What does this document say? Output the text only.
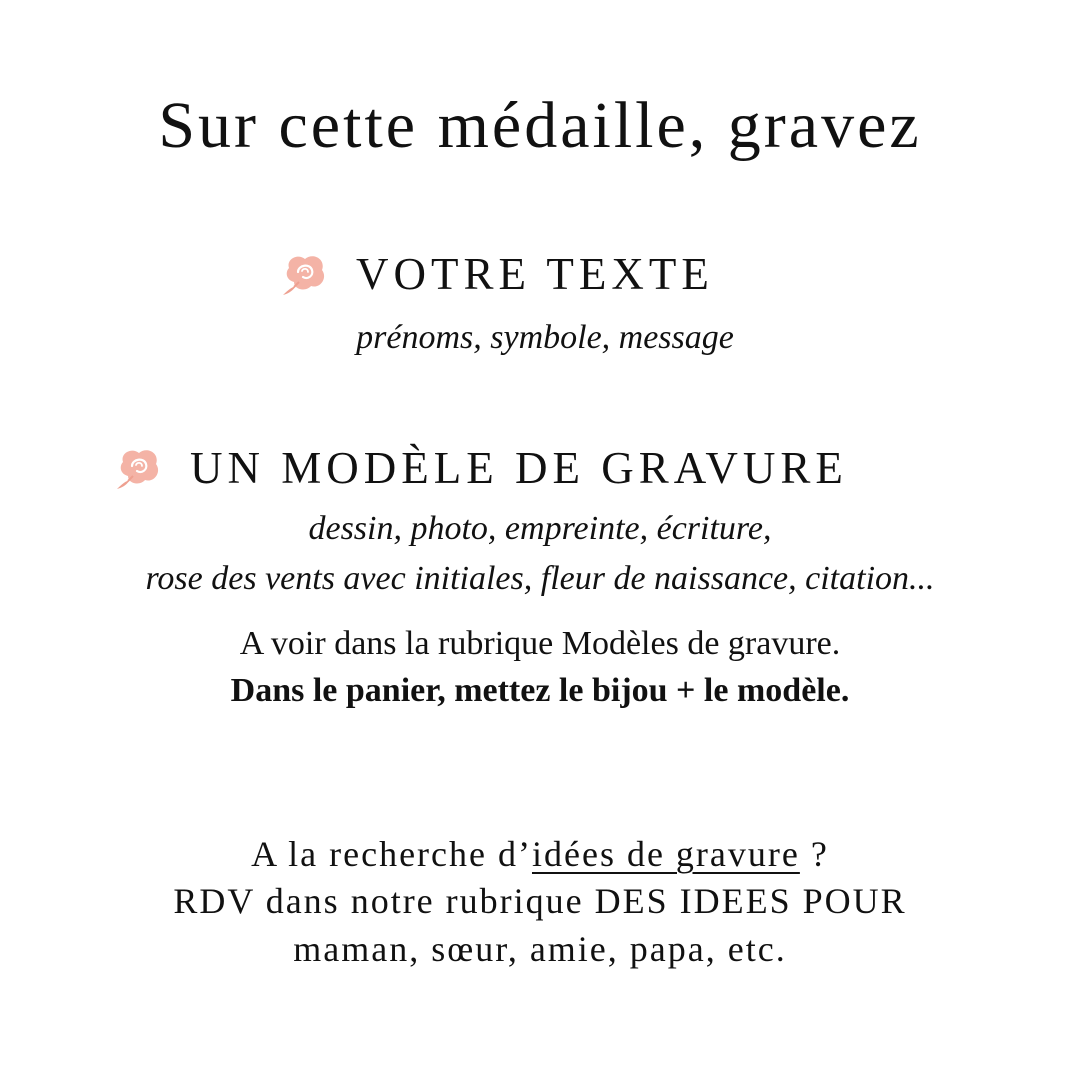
Sur cette médaille, gravez
VOTRE TEXTE
prénoms, symbole, message
UN MODÈLE DE GRAVURE
dessin, photo, empreinte, écriture,
rose des vents avec initiales, fleur de naissance, citation...
A voir dans la rubrique Modèles de gravure.
Dans le panier, mettez le bijou + le modèle.
A la recherche d’idées de gravure ?
RDV dans notre rubrique DES IDEES POUR
maman, sœur, amie, papa, etc.
